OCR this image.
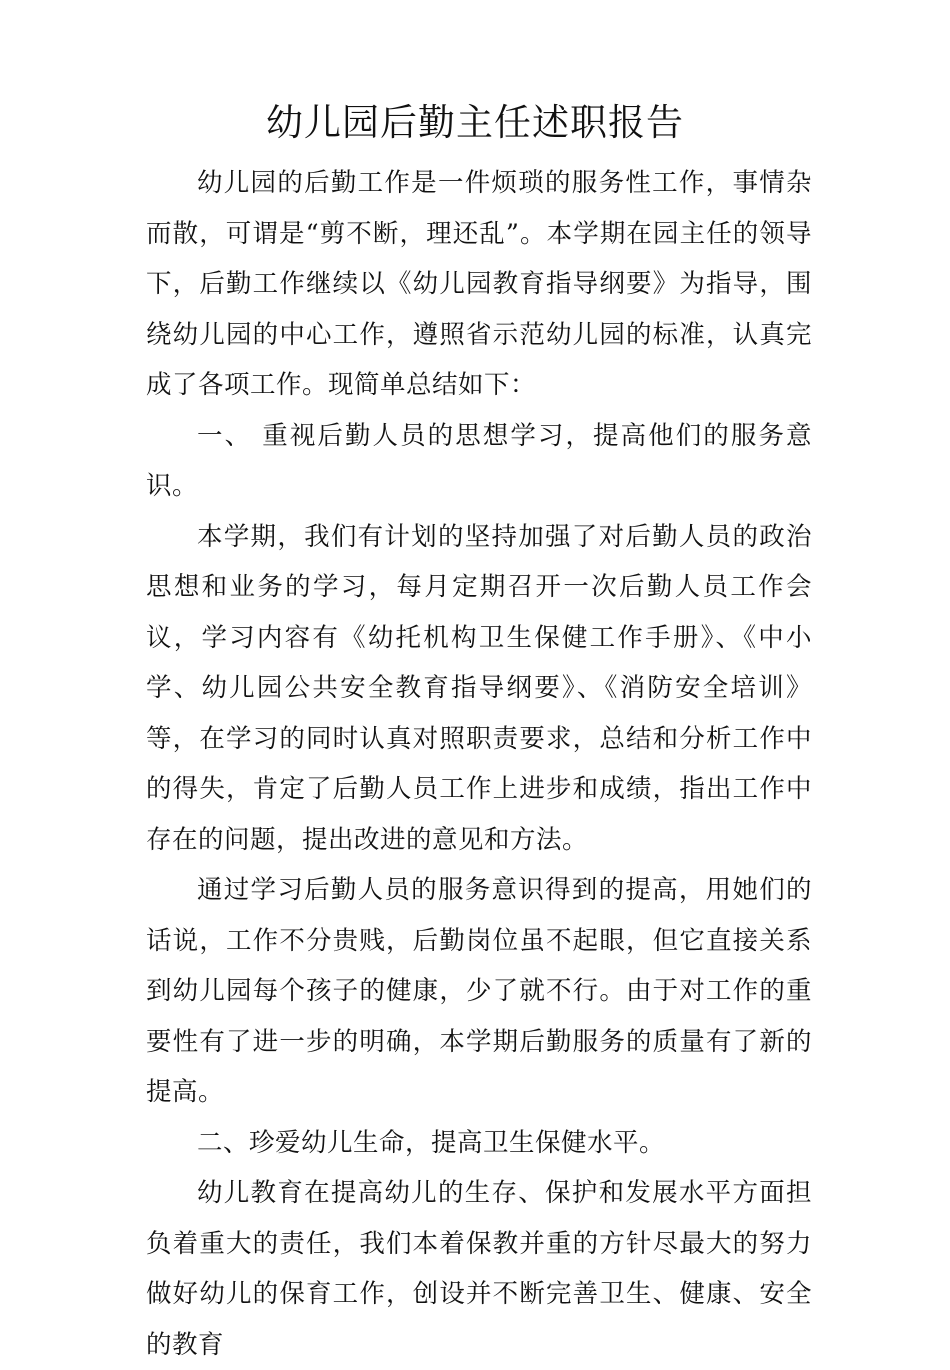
幼儿园后勤主任述职报告

幼儿园的后勤工作是一件烦琐的服务性工作，事情杂而散，可谓是“剪不断，理还乱”。本学期在园主任的领导下，后勤工作继续以《幼儿园教育指导纲要》为指导，围绕幼儿园的中心工作，遵照省示范幼儿园的标准，认真完成了各项工作。现简单总结如下：

一、 重视后勤人员的思想学习，提高他们的服务意识。

本学期，我们有计划的坚持加强了对后勤人员的政治思想和业务的学习，每月定期召开一次后勤人员工作会议，学习内容有《幼托机构卫生保健工作手册》、《中小学、幼儿园公共安全教育指导纲要》、《消防安全培训》等，在学习的同时认真对照职责要求，总结和分析工作中的得失，肯定了后勤人员工作上进步和成绩，指出工作中存在的问题，提出改进的意见和方法。

通过学习后勤人员的服务意识得到的提高，用她们的话说，工作不分贵贱，后勤岗位虽不起眼，但它直接关系到幼儿园每个孩子的健康，少了就不行。由于对工作的重要性有了进一步的明确，本学期后勤服务的质量有了新的提高。

二、珍爱幼儿生命，提高卫生保健水平。

幼儿教育在提高幼儿的生存、保护和发展水平方面担负着重大的责任，我们本着保教并重的方针尽最大的努力做好幼儿的保育工作，创设并不断完善卫生、健康、安全的教育
